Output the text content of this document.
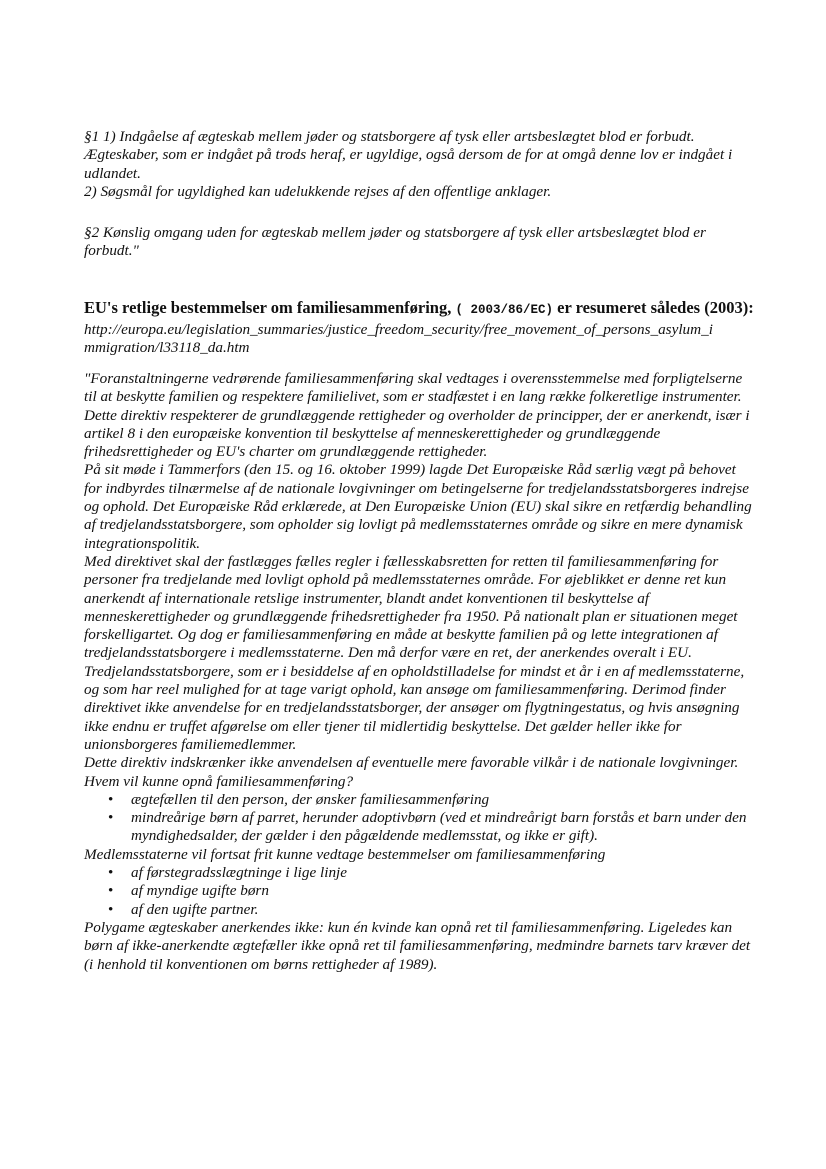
§1 1) Indgåelse af ægteskab mellem jøder og statsborgere af tysk eller artsbeslægtet blod er forbudt. Ægteskaber, som er indgået på trods heraf, er ugyldige, også dersom de for at omgå denne lov er indgået i udlandet.

2) Søgsmål for ugyldighed kan udelukkende rejses af den offentlige anklager.

§2 Kønslig omgang uden for ægteskab mellem jøder og statsborgere af tysk eller artsbeslægtet blod er forbudt."

EU's retlige bestemmelser om familiesammenføring, ( 2003/86/EC) er resumeret således (2003):

http://europa.eu/legislation_summaries/justice_freedom_security/free_movement_of_persons_asylum_i
mmigration/l33118_da.htm

"Foranstaltningerne vedrørende familiesammenføring skal vedtages i overensstemmelse med forpligtelserne til at beskytte familien og respektere familielivet, som er stadfæstet i en lang række folkeretlige instrumenter. Dette direktiv respekterer de grundlæggende rettigheder og overholder de principper, der er anerkendt, især i artikel 8 i den europæiske konvention til beskyttelse af menneskerettigheder og grundlæggende frihedsrettigheder og EU's charter om grundlæggende rettigheder.

På sit møde i Tammerfors (den 15. og 16. oktober 1999) lagde Det Europæiske Råd særlig vægt på behovet for indbyrdes tilnærmelse af de nationale lovgivninger om betingelserne for tredjelandsstatsborgeres indrejse og ophold. Det Europæiske Råd erklærede, at Den Europæiske Union (EU) skal sikre en retfærdig behandling af tredjelandsstatsborgere, som opholder sig lovligt på medlemsstaternes område og sikre en mere dynamisk integrationspolitik.

Med direktivet skal der fastlægges fælles regler i fællesskabsretten for retten til familiesammenføring for personer fra tredjelande med lovligt ophold på medlemsstaternes område. For øjeblikket er denne ret kun anerkendt af internationale retslige instrumenter, blandt andet konventionen til beskyttelse af menneskerettigheder og grundlæggende frihedsrettigheder fra 1950. På nationalt plan er situationen meget forskelligartet. Og dog er familiesammenføring en måde at beskytte familien på og lette integrationen af tredjelandsstatsborgere i medlemsstaterne. Den må derfor være en ret, der anerkendes overalt i EU.

Tredjelandsstatsborgere, som er i besiddelse af en opholdstilladelse for mindst et år i en af medlemsstaterne, og som har reel mulighed for at tage varigt ophold, kan ansøge om familiesammenføring. Derimod finder direktivet ikke anvendelse for en tredjelandsstatsborger, der ansøger om flygtningestatus, og hvis ansøgning ikke endnu er truffet afgørelse om eller tjener til midlertidig beskyttelse. Det gælder heller ikke for unionsborgeres familiemedlemmer.

Dette direktiv indskrænker ikke anvendelsen af eventuelle mere favorable vilkår i de nationale lovgivninger.

Hvem vil kunne opnå familiesammenføring?

• ægtefællen til den person, der ønsker familiesammenføring
• mindreårige børn af parret, herunder adoptivbørn (ved et mindreårigt barn forstås et barn under den myndighedsalder, der gælder i den pågældende medlemsstat, og ikke er gift).

Medlemsstaterne vil fortsat frit kunne vedtage bestemmelser om familiesammenføring

• af førstegradsslægtninge i lige linje
• af myndige ugifte børn
• af den ugifte partner.

Polygame ægteskaber anerkendes ikke: kun én kvinde kan opnå ret til familiesammenføring. Ligeledes kan børn af ikke-anerkendte ægtefæller ikke opnå ret til familiesammenføring, medmindre barnets tarv kræver det (i henhold til konventionen om børns rettigheder af 1989).
